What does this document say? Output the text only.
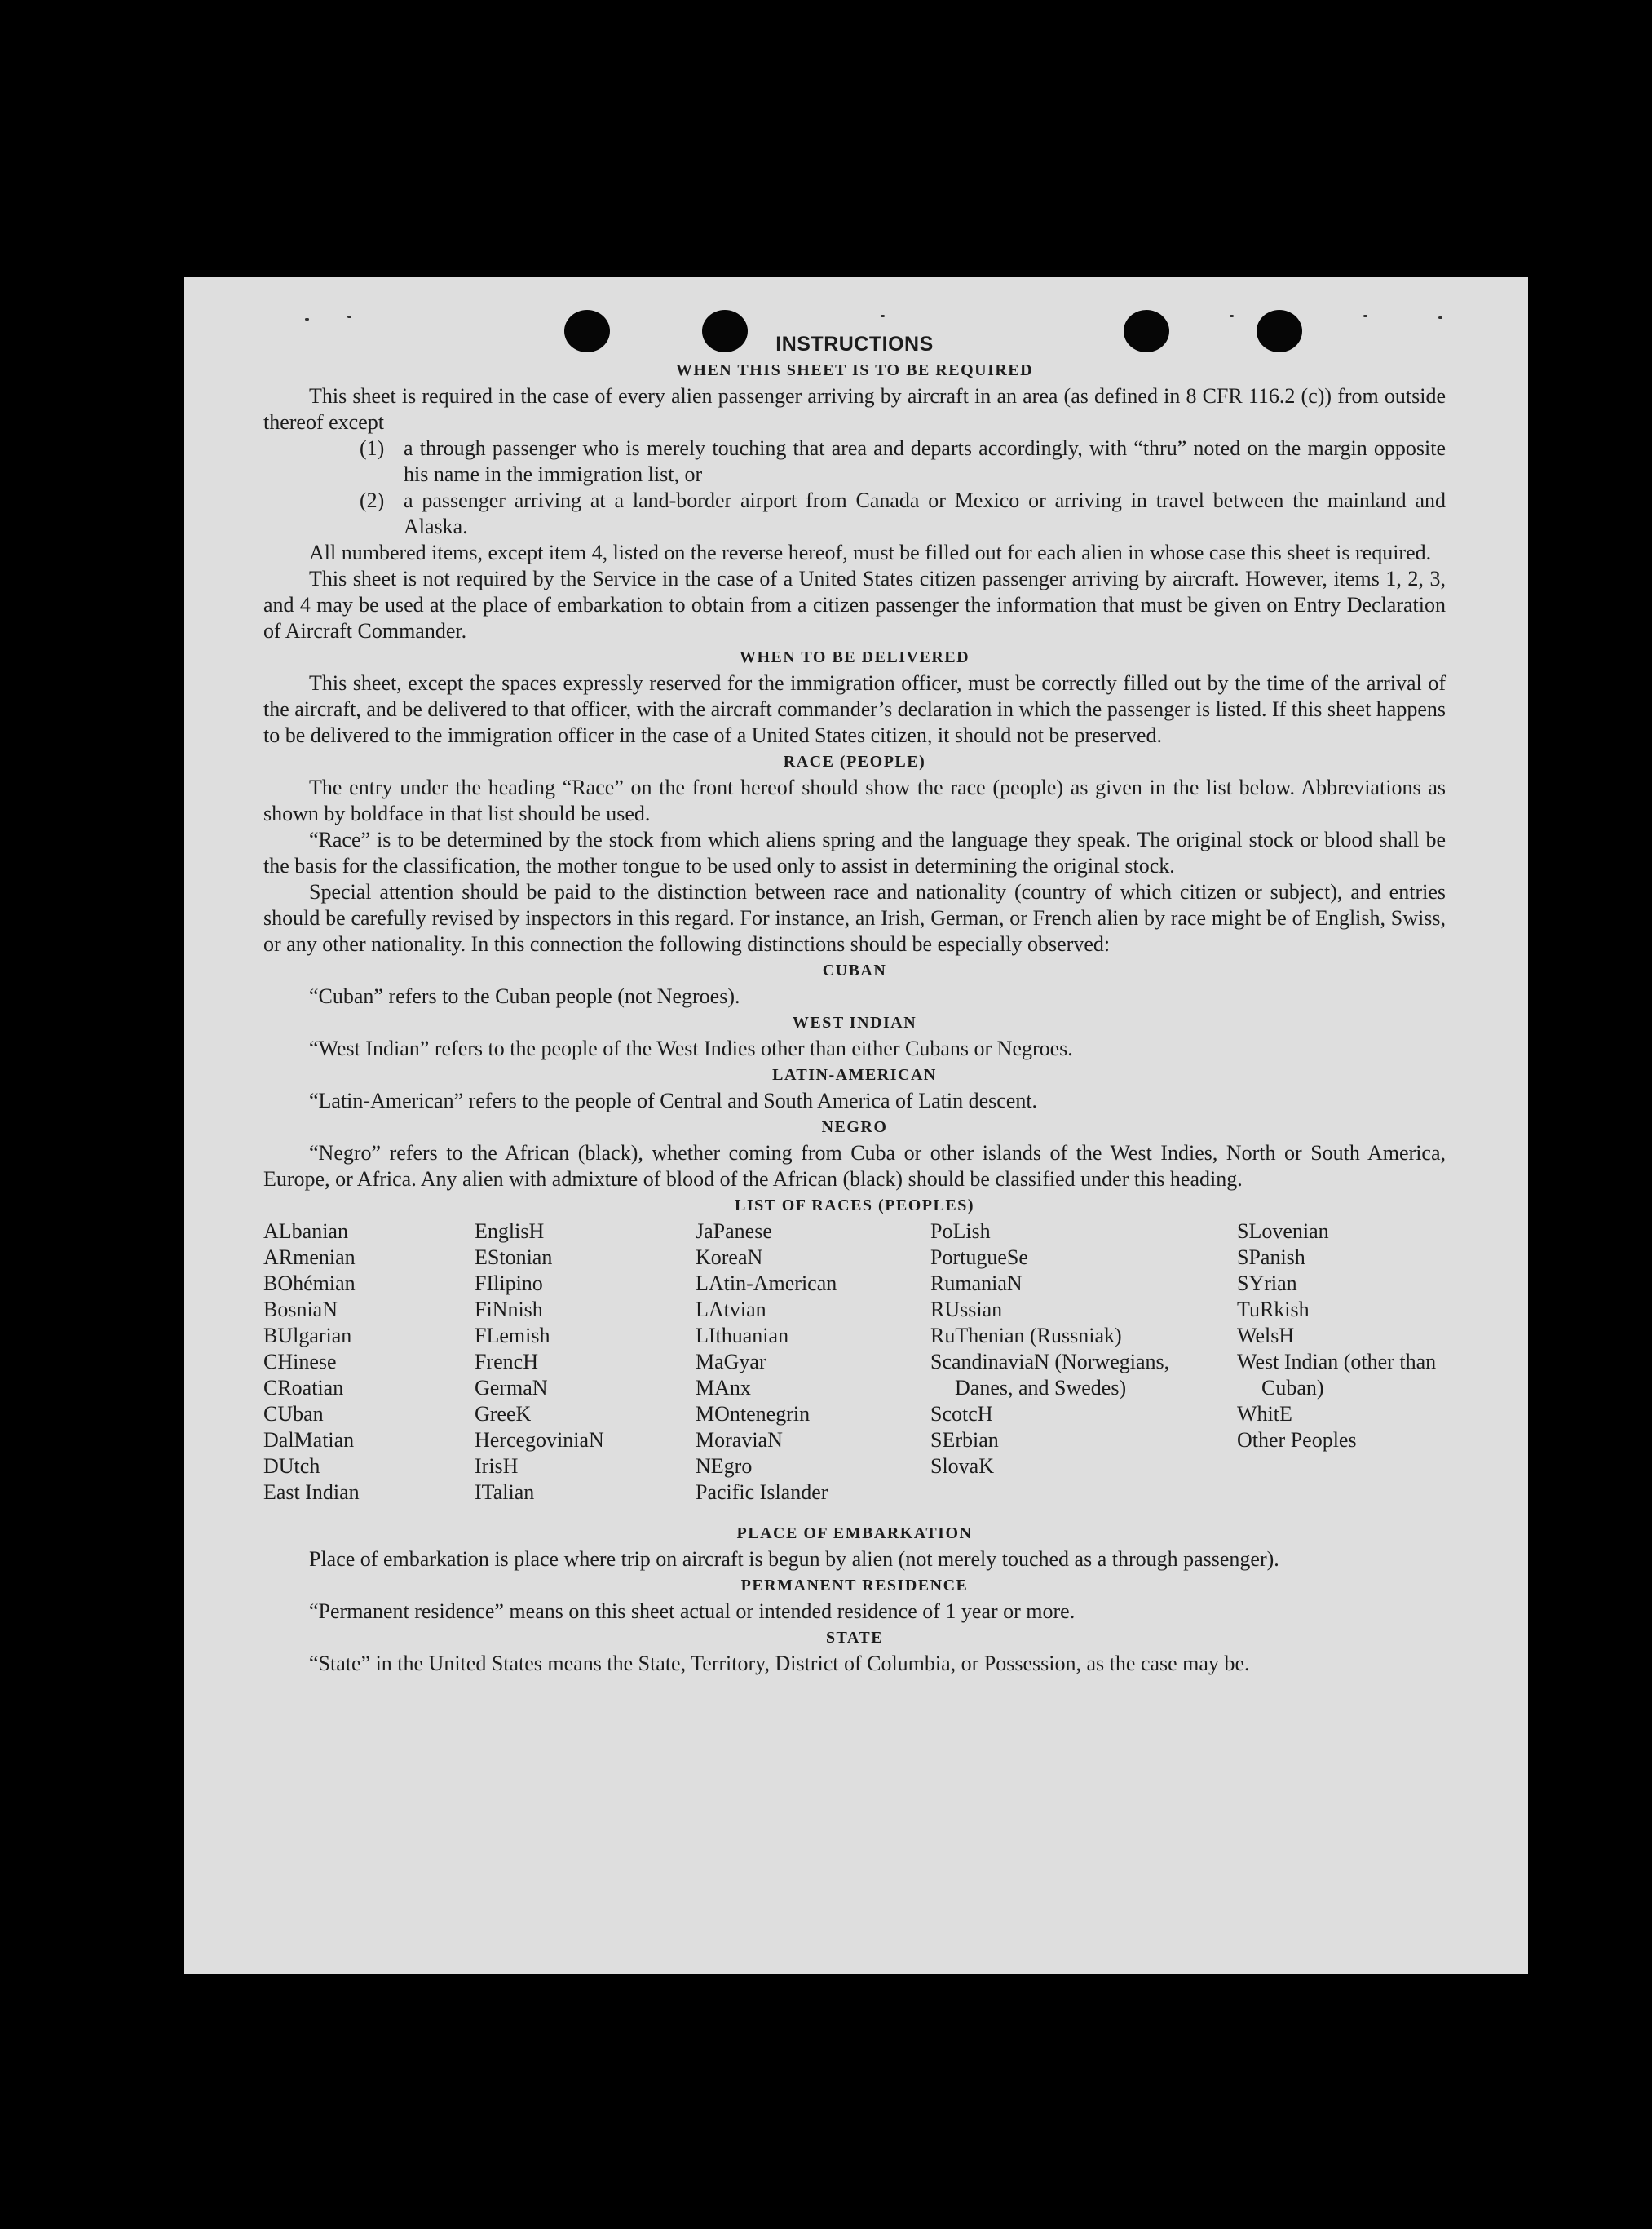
INSTRUCTIONS
WHEN THIS SHEET IS TO BE REQUIRED

This sheet is required in the case of every alien passenger arriving by aircraft in an area (as defined in 8 CFR 116.2 (c)) from outside thereof except

(1) a through passenger who is merely touching that area and departs accordingly, with “thru” noted on the margin opposite his name in the immigration list, or
(2) a passenger arriving at a land-border airport from Canada or Mexico or arriving in travel between the mainland and Alaska.

All numbered items, except item 4, listed on the reverse hereof, must be filled out for each alien in whose case this sheet is required.

This sheet is not required by the Service in the case of a United States citizen passenger arriving by aircraft. However, items 1, 2, 3, and 4 may be used at the place of embarkation to obtain from a citizen passenger the information that must be given on Entry Declaration of Aircraft Commander.

WHEN TO BE DELIVERED

This sheet, except the spaces expressly reserved for the immigration officer, must be correctly filled out by the time of the arrival of the aircraft, and be delivered to that officer, with the aircraft commander’s declaration in which the passenger is listed. If this sheet happens to be delivered to the immigration officer in the case of a United States citizen, it should not be preserved.

RACE (PEOPLE)

The entry under the heading “Race” on the front hereof should show the race (people) as given in the list below. Abbreviations as shown by boldface in that list should be used.

“Race” is to be determined by the stock from which aliens spring and the language they speak. The original stock or blood shall be the basis for the classification, the mother tongue to be used only to assist in determining the original stock.

Special attention should be paid to the distinction between race and nationality (country of which citizen or subject), and entries should be carefully revised by inspectors in this regard. For instance, an Irish, German, or French alien by race might be of English, Swiss, or any other nationality. In this connection the following distinctions should be especially observed:

CUBAN

“Cuban” refers to the Cuban people (not Negroes).

WEST INDIAN

“West Indian” refers to the people of the West Indies other than either Cubans or Negroes.

LATIN-AMERICAN

“Latin-American” refers to the people of Central and South America of Latin descent.

NEGRO

“Negro” refers to the African (black), whether coming from Cuba or other islands of the West Indies, North or South America, Europe, or Africa. Any alien with admixture of blood of the African (black) should be classified under this heading.

LIST OF RACES (PEOPLES)
ALbanian
ARmenian
BOhémian
BosniaN
BUlgarian
CHinese
CRoatian
CUban
DalMatian
DUtch
East Indian
EnglisH
EStonian
FIlipino
FiNnish
FLemish
FrencH
GermaN
GreeK
HercegoviniaN
IrisH
ITalian
JaPanese
KoreaN
LAtin-American
LAtvian
LIthuanian
MaGyar
MAnx
MOntenegrin
MoraviaN
NEgro
Pacific Islander
PoLish
PortugueSe
RumaniaN
RUssian
RuThenian (Russniak)
ScandinaviaN (Norwegians, Danes, and Swedes)
ScotcH
SErbian
SlovaK
SLovenian
SPanish
SYrian
TuRkish
WelsH
West Indian (other than Cuban)
WhitE
Other Peoples
PLACE OF EMBARKATION

Place of embarkation is place where trip on aircraft is begun by alien (not merely touched as a through passenger).

PERMANENT RESIDENCE

“Permanent residence” means on this sheet actual or intended residence of 1 year or more.

STATE

“State” in the United States means the State, Territory, District of Columbia, or Possession, as the case may be.
